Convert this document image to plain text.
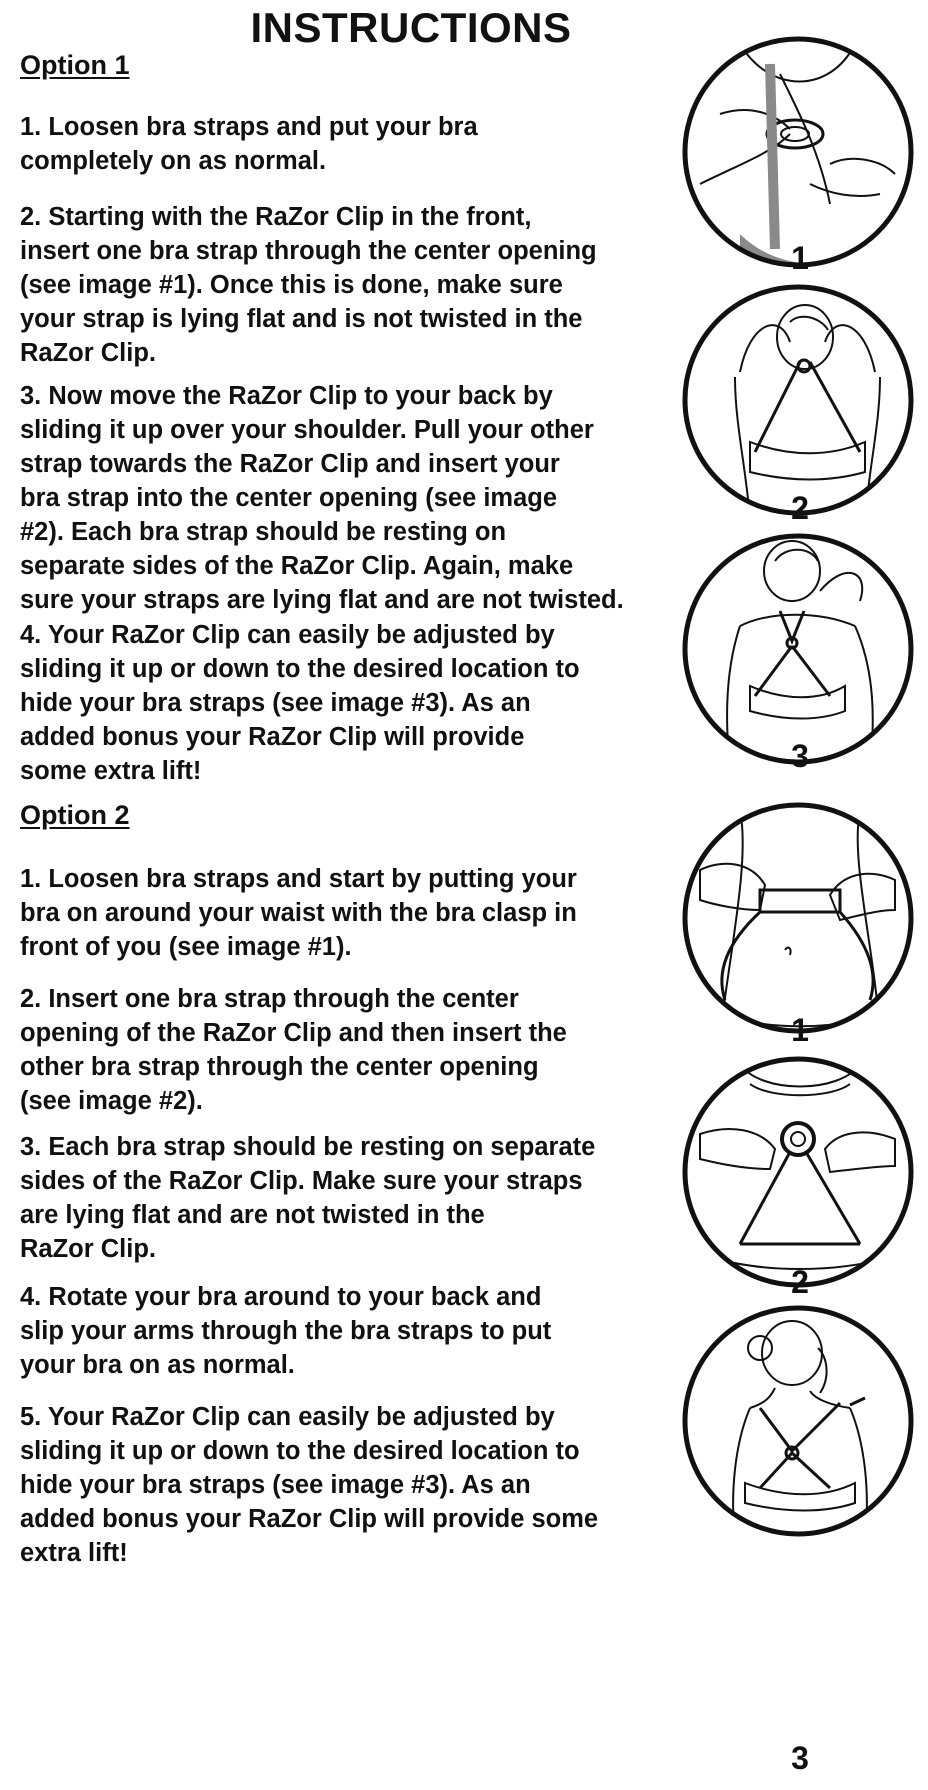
INSTRUCTIONS
Option 1

1. Loosen bra straps and put your bra
completely on as normal.

2. Starting with the RaZor Clip in the front,
insert one bra strap through the center opening
(see image #1). Once this is done, make sure
your strap is lying flat and is not twisted in the
RaZor Clip.

3. Now move the RaZor Clip to your back by
sliding it up over your shoulder. Pull your other
strap towards the RaZor Clip and insert your
bra strap into the center opening (see image
#2). Each bra strap should be resting on
separate sides of the RaZor Clip. Again, make
sure your straps are lying flat and are not twisted.

4. Your RaZor Clip can easily be adjusted by
sliding it up or down to the desired location to
hide your bra straps (see image #3). As an
added bonus your RaZor Clip will provide
some extra lift!

1

2

3

Option 2

1. Loosen bra straps and start by putting your
bra on around your waist with the bra clasp in
front of you (see image #1).

2. Insert one bra strap through the center
opening of the RaZor Clip and then insert the
other bra strap through the center opening
(see image #2).

3. Each bra strap should be resting on separate
sides of the RaZor Clip. Make sure your straps
are lying flat and are not twisted in the
RaZor Clip.

4. Rotate your bra around to your back and
slip your arms through the bra straps to put
your bra on as normal.

5. Your RaZor Clip can easily be adjusted by
sliding it up or down to the desired location to
hide your bra straps (see image #3). As an
added bonus your RaZor Clip will provide some
extra lift!

1

2

3
